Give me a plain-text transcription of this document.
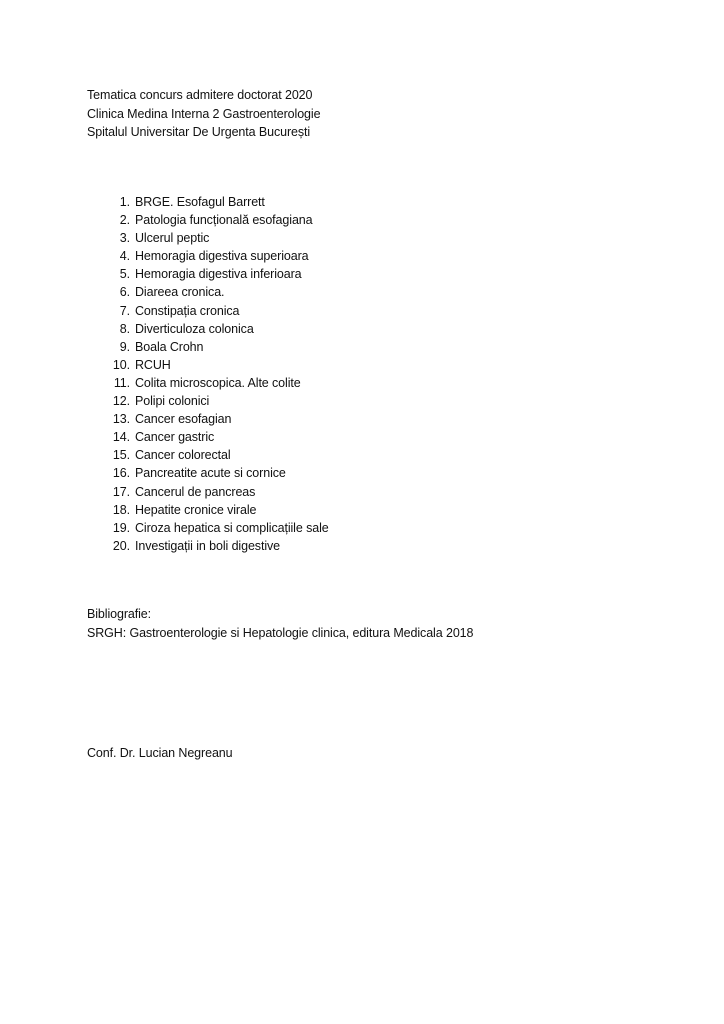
Tematica concurs admitere doctorat 2020
Clinica Medina Interna 2 Gastroenterologie
Spitalul Universitar De Urgenta București
1. BRGE. Esofagul Barrett
2. Patologia funcțională esofagiana
3. Ulcerul peptic
4. Hemoragia digestiva superioara
5. Hemoragia digestiva inferioara
6. Diareea cronica.
7. Constipația cronica
8. Diverticuloza colonica
9. Boala Crohn
10. RCUH
11. Colita microscopica. Alte colite
12. Polipi colonici
13. Cancer esofagian
14. Cancer gastric
15. Cancer colorectal
16. Pancreatite acute si cornice
17. Cancerul de pancreas
18. Hepatite cronice virale
19. Ciroza hepatica si complicațiile sale
20. Investigații in boli digestive
Bibliografie:
SRGH: Gastroenterologie si Hepatologie clinica, editura Medicala 2018
Conf. Dr. Lucian Negreanu
